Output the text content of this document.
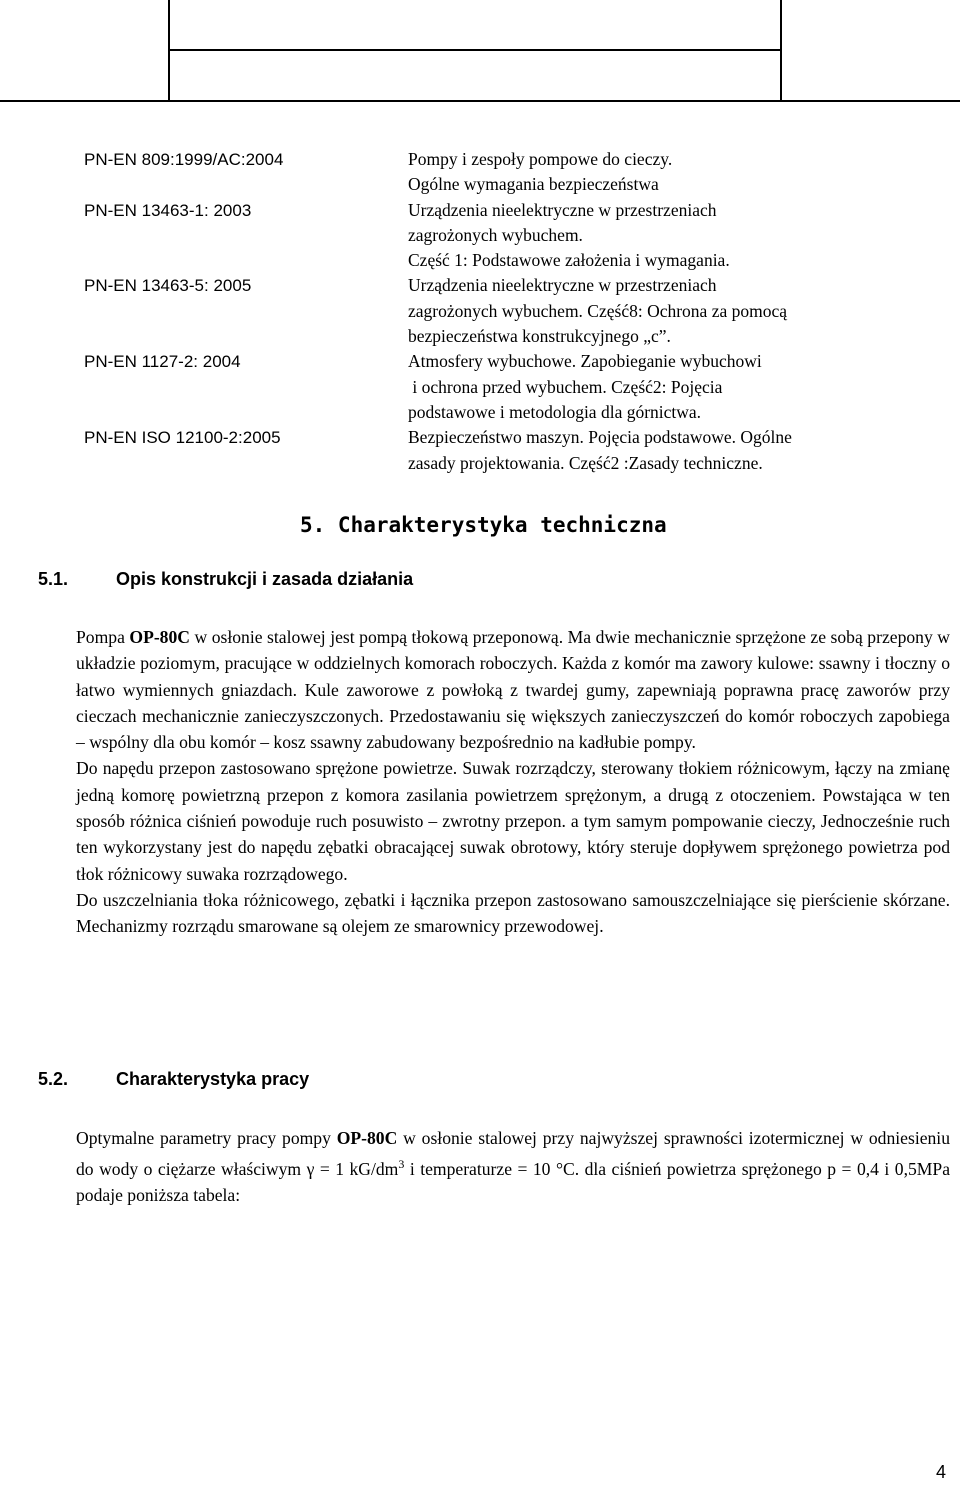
MOJ S.A.
Katowice
DOKUMENTACJA TECHNICZNO-RUCHOWA
INSTRUKCJA
Nr
2602
PN-EN 809:1999/AC:2004	Pompy i zespoły pompowe do cieczy.
Ogólne wymagania bezpieczeństwa
PN-EN 13463-1: 2003	Urządzenia nieelektryczne w przestrzeniach
zagrożonych wybuchem.
Część 1: Podstawowe założenia i wymagania.
PN-EN 13463-5: 2005	Urządzenia nieelektryczne w przestrzeniach
zagrożonych wybuchem. Część8: Ochrona za pomocą
bezpieczeństwa konstrukcyjnego „c”.
PN-EN 1127-2: 2004	Atmosfery wybuchowe. Zapobieganie wybuchowi
i ochrona przed wybuchem. Część2: Pojęcia
podstawowe i metodologia dla górnictwa.
PN-EN ISO 12100-2:2005	Bezpieczeństwo maszyn. Pojęcia podstawowe. Ogólne
zasady projektowania. Część2 :Zasady techniczne.
5. Charakterystyka techniczna
5.1.	Opis konstrukcji i zasada działania

Pompa OP-80C w osłonie stalowej jest pompą tłokową przeponową. Ma dwie mechanicznie sprzężone ze sobą przepony w układzie poziomym, pracujące w oddzielnych komorach roboczych. Każda z komór ma zawory kulowe: ssawny i tłoczny o łatwo wymiennych gniazdach. Kule zaworowe z powłoką z twardej gumy, zapewniają poprawna pracę zaworów przy cieczach mechanicznie zanieczyszczonych. Przedostawaniu się większych zanieczyszczeń do komór roboczych zapobiega – wspólny dla obu komór – kosz ssawny zabudowany bezpośrednio na kadłubie pompy.

Do napędu przepon zastosowano sprężone powietrze. Suwak rozrządczy, sterowany tłokiem różnicowym, łączy na zmianę jedną komorę powietrzną przepon z komora zasilania powietrzem sprężonym, a drugą z otoczeniem. Powstająca w ten sposób różnica ciśnień powoduje ruch posuwisto – zwrotny przepon. a tym samym pompowanie cieczy, Jednocześnie ruch ten wykorzystany jest do napędu zębatki obracającej suwak obrotowy, który steruje dopływem sprężonego powietrza pod tłok różnicowy suwaka rozrządowego.

Do uszczelniania tłoka różnicowego, zębatki i łącznika przepon zastosowano samouszczelniające się pierścienie skórzane. Mechanizmy rozrządu smarowane są olejem ze smarownicy przewodowej.

5.2.	Charakterystyka pracy

Optymalne parametry pracy pompy OP-80C w osłonie stalowej przy najwyższej sprawności izotermicznej w odniesieniu do wody o ciężarze właściwym γ = 1 $kG/dm^3$ i temperaturze = 10 °C. dla ciśnień powietrza sprężonego p = 0,4 i 0,5MPa podaje poniższa tabela:

4
